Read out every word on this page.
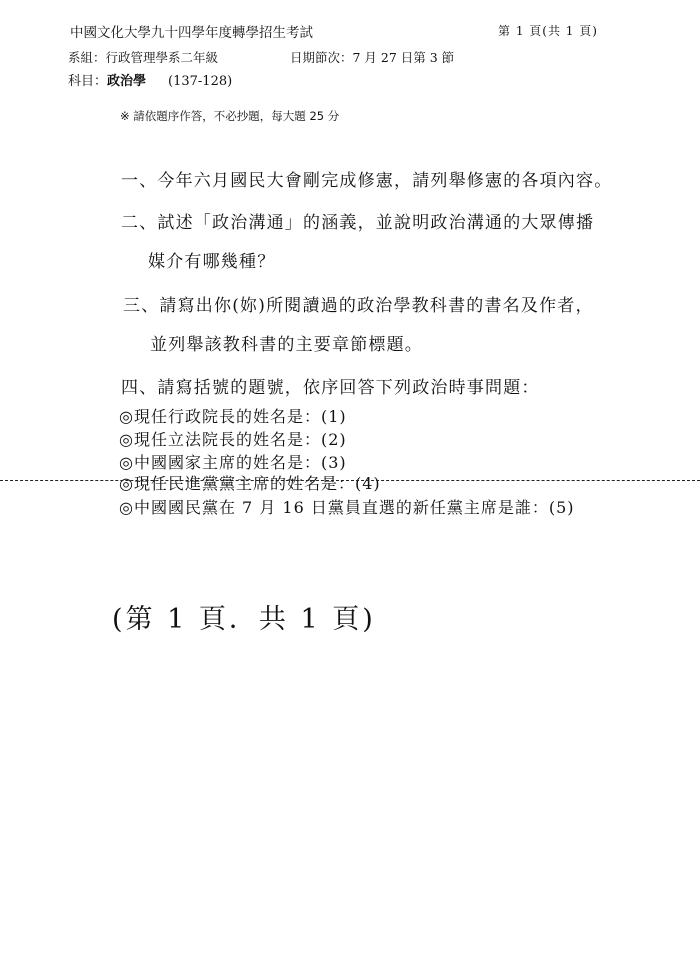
中國文化大學九十四學年度轉學招生考試	第 1 頁(共 1 頁)
系組：行政管理學系二年級	日期節次：7 月 27 日第 3 節
科目：政治學 (137-128)
※ 請依題序作答，不必抄題，每大題 25 分
一、今年六月國民大會剛完成修憲，請列舉修憲的各項內容。
二、試述「政治溝通」的涵義，並說明政治溝通的大眾傳播
媒介有哪幾種？
三、請寫出你(妳)所閱讀過的政治學教科書的書名及作者，
並列舉該教科書的主要章節標題。
四、請寫括號的題號，依序回答下列政治時事問題：
◎現任行政院長的姓名是：(1)
◎現任立法院長的姓名是：(2)
◎中國國家主席的姓名是：(3)
◎現任民進黨黨主席的姓名是：(4)
◎中國國民黨在 7 月 16 日黨員直選的新任黨主席是誰：(5)
(第 1 頁．共 1 頁)
